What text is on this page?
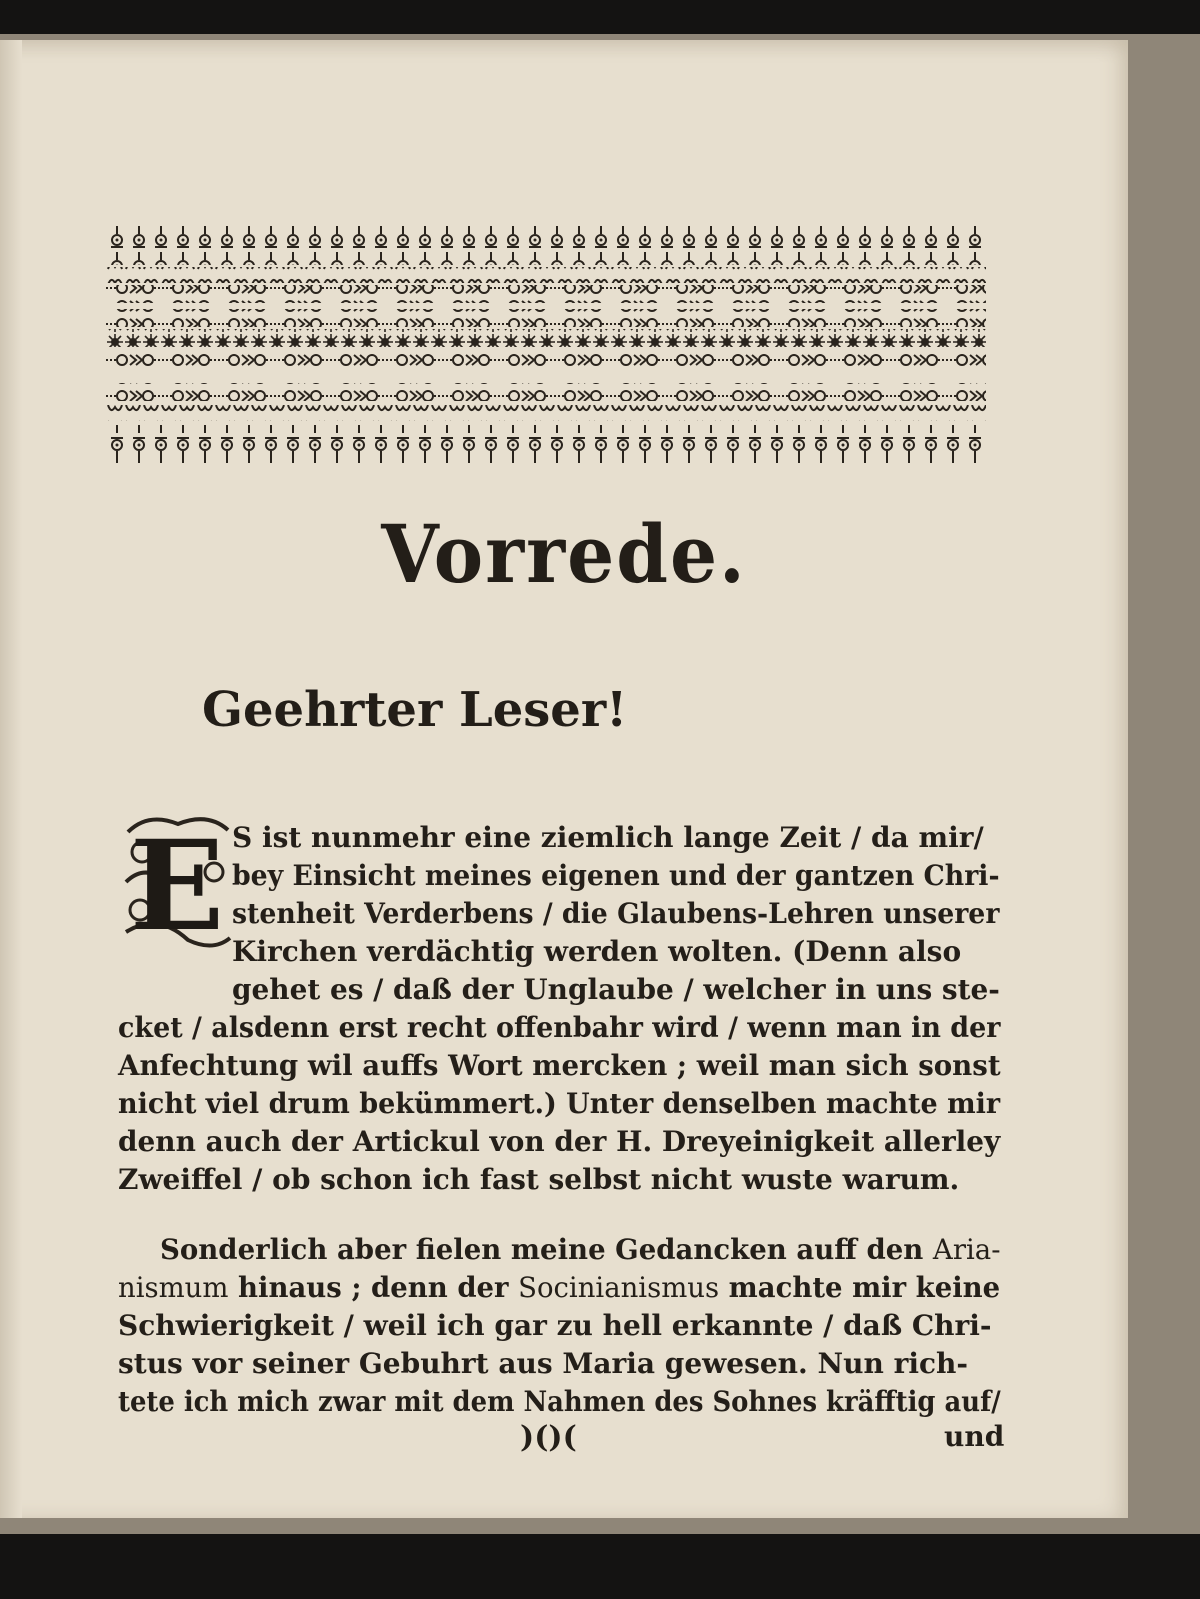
Vorrede.
Geehrter Leser!
E S ist nunmehr eine ziemlich lange Zeit / da mir/
bey Einsicht meines eigenen und der gantzen Chri-
stenheit Verderbens / die Glaubens-Lehren unserer
Kirchen verdächtig werden wolten. (Denn also
gehet es / daß der Unglaube / welcher in uns ste-
cket / alsdenn erst recht offenbahr wird / wenn man in der
Anfechtung wil auffs Wort mercken ; weil man sich sonst
nicht viel drum bekümmert.) Unter denselben machte mir
denn auch der Artickul von der H. Dreyeinigkeit allerley
Zweiffel / ob schon ich fast selbst nicht wuste warum.
Sonderlich aber fielen meine Gedancken auff den Aria-
nismum hinaus ; denn der Socinianismus machte mir keine
Schwierigkeit / weil ich gar zu hell erkannte / daß Chri-
stus vor seiner Gebuhrt aus Maria gewesen. Nun rich-
tete ich mich zwar mit dem Nahmen des Sohnes kräfftig auf/
)()(	und
